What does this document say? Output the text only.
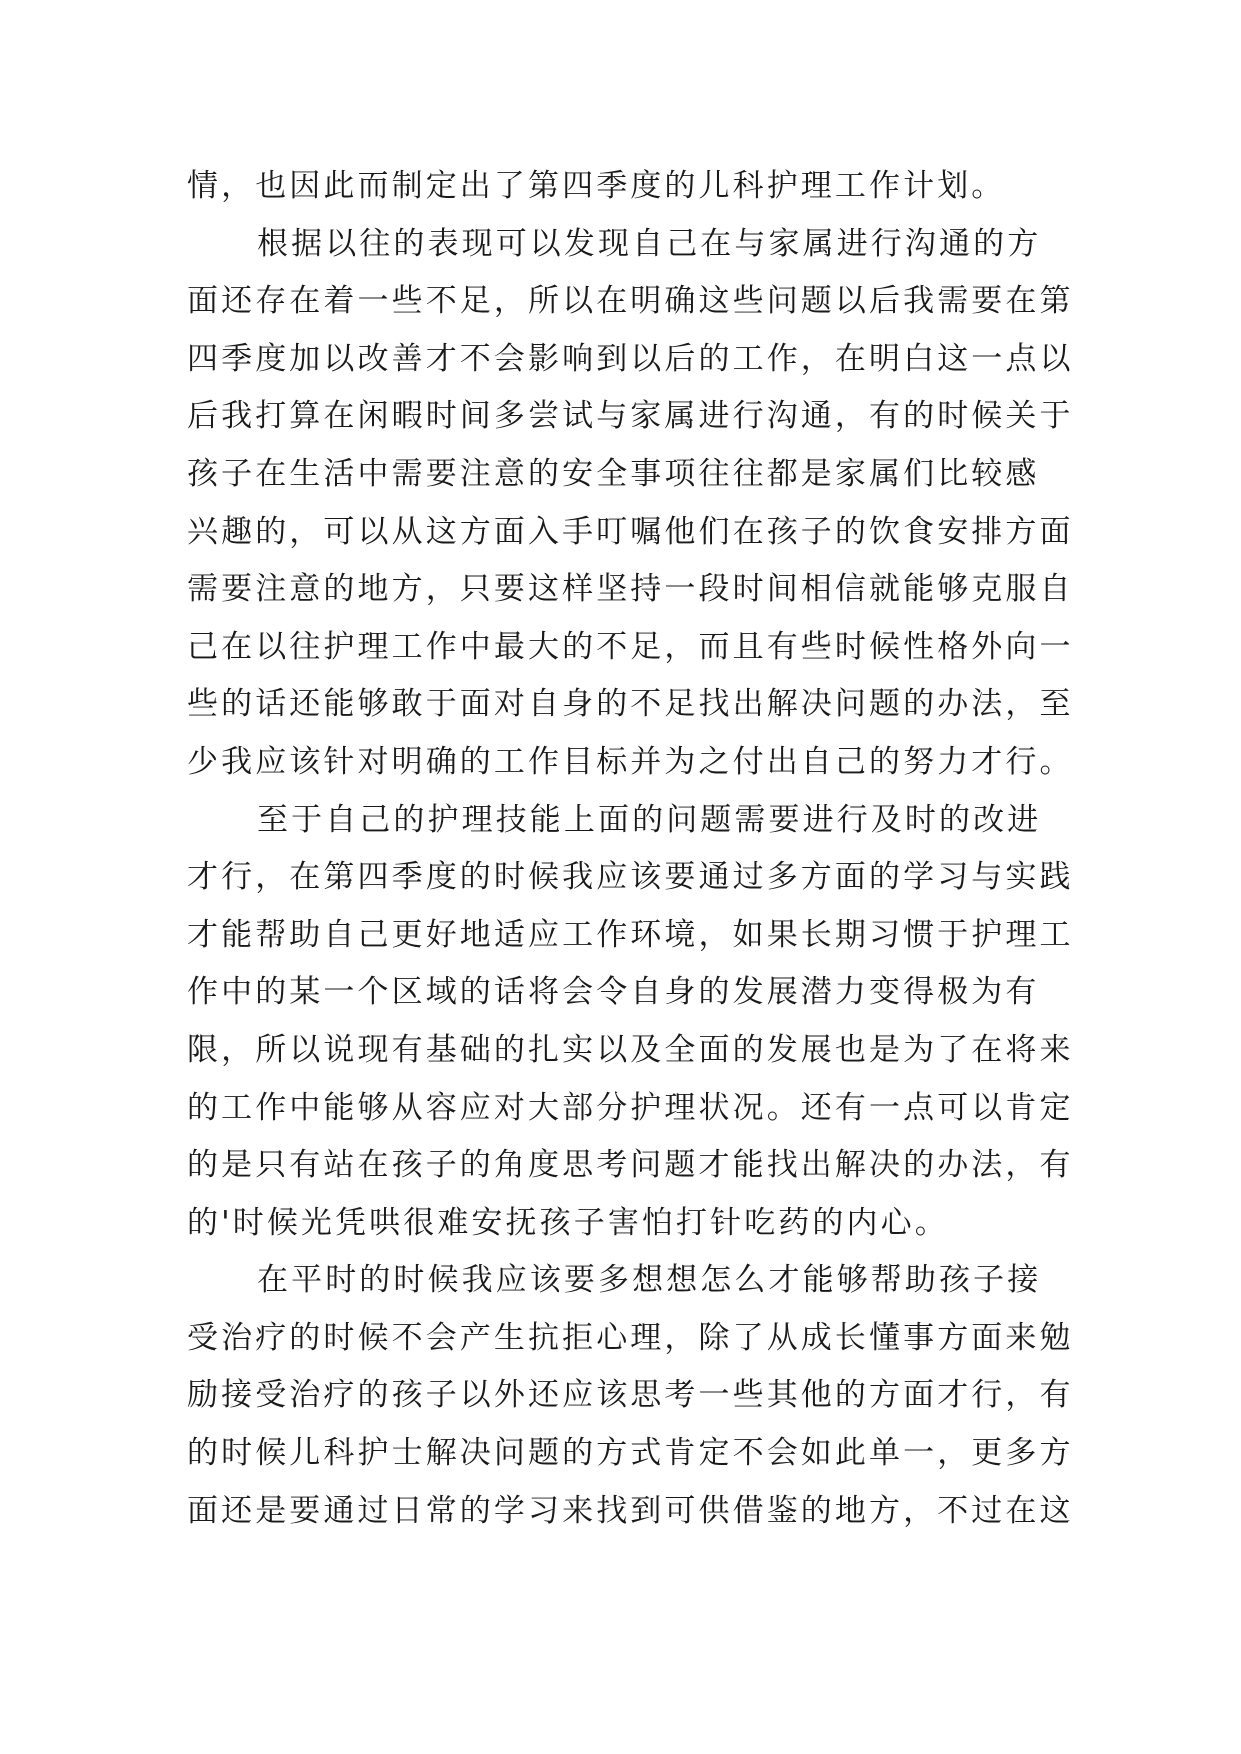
情，也因此而制定出了第四季度的儿科护理工作计划。
根据以往的表现可以发现自己在与家属进行沟通的方
面还存在着一些不足，所以在明确这些问题以后我需要在第
四季度加以改善才不会影响到以后的工作，在明白这一点以
后我打算在闲暇时间多尝试与家属进行沟通，有的时候关于
孩子在生活中需要注意的安全事项往往都是家属们比较感
兴趣的，可以从这方面入手叮嘱他们在孩子的饮食安排方面
需要注意的地方，只要这样坚持一段时间相信就能够克服自
己在以往护理工作中最大的不足，而且有些时候性格外向一
些的话还能够敢于面对自身的不足找出解决问题的办法，至
少我应该针对明确的工作目标并为之付出自己的努力才行。
至于自己的护理技能上面的问题需要进行及时的改进
才行，在第四季度的时候我应该要通过多方面的学习与实践
才能帮助自己更好地适应工作环境，如果长期习惯于护理工
作中的某一个区域的话将会令自身的发展潜力变得极为有
限，所以说现有基础的扎实以及全面的发展也是为了在将来
的工作中能够从容应对大部分护理状况。还有一点可以肯定
的是只有站在孩子的角度思考问题才能找出解决的办法，有
的'时候光凭哄很难安抚孩子害怕打针吃药的内心。
在平时的时候我应该要多想想怎么才能够帮助孩子接
受治疗的时候不会产生抗拒心理，除了从成长懂事方面来勉
励接受治疗的孩子以外还应该思考一些其他的方面才行，有
的时候儿科护士解决问题的方式肯定不会如此单一，更多方
面还是要通过日常的学习来找到可供借鉴的地方，不过在这
